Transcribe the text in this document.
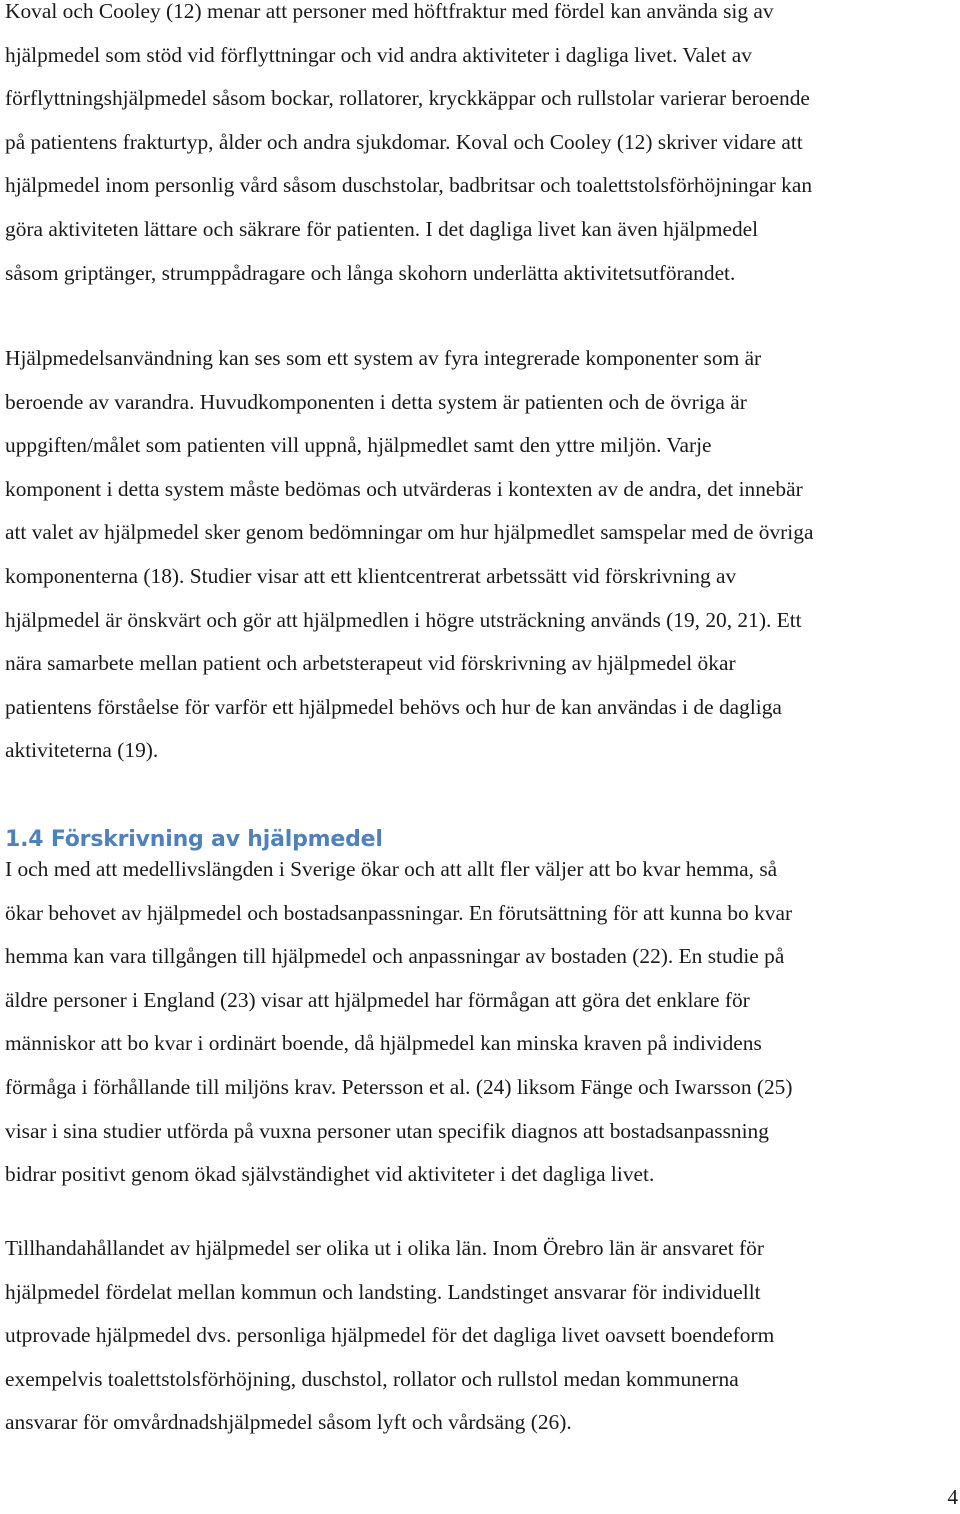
Koval och Cooley (12) menar att personer med höftfraktur med fördel kan använda sig av
hjälpmedel som stöd vid förflyttningar och vid andra aktiviteter i dagliga livet. Valet av
förflyttningshjälpmedel såsom bockar, rollatorer, kryckkäppar och rullstolar varierar beroende
på patientens frakturtyp, ålder och andra sjukdomar. Koval och Cooley (12) skriver vidare att
hjälpmedel inom personlig vård såsom duschstolar, badbritsar och toalettstolsförhöjningar kan
göra aktiviteten lättare och säkrare för patienten. I det dagliga livet kan även hjälpmedel
såsom griptänger, strumppådragare och långa skohorn underlätta aktivitetsutförandet.

Hjälpmedelsanvändning kan ses som ett system av fyra integrerade komponenter som är
beroende av varandra. Huvudkomponenten i detta system är patienten och de övriga är
uppgiften/målet som patienten vill uppnå, hjälpmedlet samt den yttre miljön. Varje
komponent i detta system måste bedömas och utvärderas i kontexten av de andra, det innebär
att valet av hjälpmedel sker genom bedömningar om hur hjälpmedlet samspelar med de övriga
komponenterna (18). Studier visar att ett klientcentrerat arbetssätt vid förskrivning av
hjälpmedel är önskvärt och gör att hjälpmedlen i högre utsträckning används (19, 20, 21). Ett
nära samarbete mellan patient och arbetsterapeut vid förskrivning av hjälpmedel ökar
patientens förståelse för varför ett hjälpmedel behövs och hur de kan användas i de dagliga
aktiviteterna (19).

1.4 Förskrivning av hjälpmedel

I och med att medellivslängden i Sverige ökar och att allt fler väljer att bo kvar hemma, så
ökar behovet av hjälpmedel och bostadsanpassningar. En förutsättning för att kunna bo kvar
hemma kan vara tillgången till hjälpmedel och anpassningar av bostaden (22). En studie på
äldre personer i England (23) visar att hjälpmedel har förmågan att göra det enklare för
människor att bo kvar i ordinärt boende, då hjälpmedel kan minska kraven på individens
förmåga i förhållande till miljöns krav. Petersson et al. (24) liksom Fänge och Iwarsson (25)
visar i sina studier utförda på vuxna personer utan specifik diagnos att bostadsanpassning
bidrar positivt genom ökad självständighet vid aktiviteter i det dagliga livet.

Tillhandahållandet av hjälpmedel ser olika ut i olika län. Inom Örebro län är ansvaret för
hjälpmedel fördelat mellan kommun och landsting. Landstinget ansvarar för individuellt
utprovade hjälpmedel dvs. personliga hjälpmedel för det dagliga livet oavsett boendeform
exempelvis toalettstolsförhöjning, duschstol, rollator och rullstol medan kommunerna
ansvarar för omvårdnadshjälpmedel såsom lyft och vårdsäng (26).

4
